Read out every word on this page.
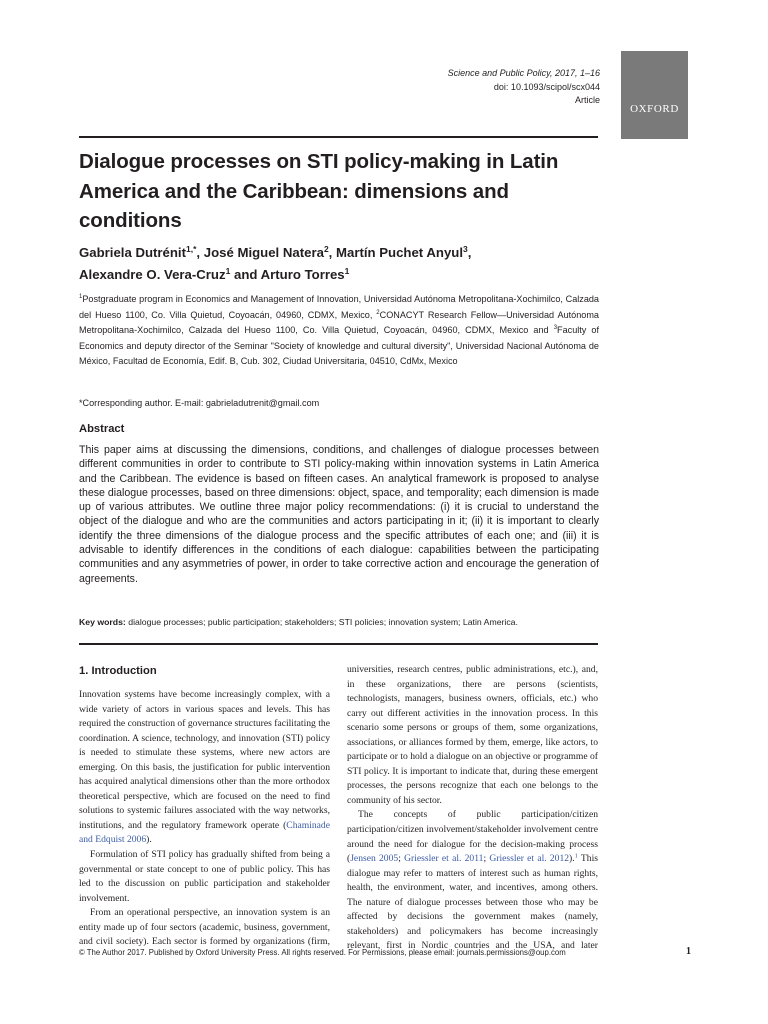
Science and Public Policy, 2017, 1–16
doi: 10.1093/scipol/scx044
Article
OXFORD
Dialogue processes on STI policy-making in Latin America and the Caribbean: dimensions and conditions
Gabriela Dutrénit$^{1,*}$, José Miguel Natera$^2$, Martín Puchet Anyul$^3$,
Alexandre O. Vera-Cruz$^1$ and Arturo Torres$^1$
$^1$Postgraduate program in Economics and Management of Innovation, Universidad Autónoma Metropolitana-Xochimilco, Calzada del Hueso 1100, Co. Villa Quietud, Coyoacán, 04960, CDMX, Mexico, $^2$CONACYT Research Fellow—Universidad Autónoma Metropolitana-Xochimilco, Calzada del Hueso 1100, Co. Villa Quietud, Coyoacán, 04960, CDMX, Mexico and $^3$Faculty of Economics and deputy director of the Seminar "Society of knowledge and cultural diversity", Universidad Nacional Autónoma de México, Facultad de Economía, Edif. B, Cub. 302, Ciudad Universitaria, 04510, CdMx, Mexico
*Corresponding author. E-mail: gabrieladutrenit@gmail.com
Abstract

This paper aims at discussing the dimensions, conditions, and challenges of dialogue processes between different communities in order to contribute to STI policy-making within innovation systems in Latin America and the Caribbean. The evidence is based on fifteen cases. An analytical framework is proposed to analyse these dialogue processes, based on three dimensions: object, space, and temporality; each dimension is made up of various attributes. We outline three major policy recommendations: (i) it is crucial to understand the object of the dialogue and who are the communities and actors participating in it; (ii) it is important to clearly identify the three dimensions of the dialogue process and the specific attributes of each one; and (iii) it is advisable to identify differences in the conditions of each dialogue: capabilities between the participating communities and any asymmetries of power, in order to take corrective action and encourage the generation of agreements.

Key words: dialogue processes; public participation; stakeholders; STI policies; innovation system; Latin America.
1. Introduction

Innovation systems have become increasingly complex, with a wide variety of actors in various spaces and levels. This has required the construction of governance structures facilitating the coordination. A science, technology, and innovation (STI) policy is needed to stimulate these systems, where new actors are emerging. On this basis, the justification for public intervention has acquired analytical dimensions other than the more orthodox theoretical perspective, which are focused on the need to find solutions to systemic failures associated with the way networks, institutions, and the regulatory framework operate (Chaminade and Edquist 2006).

Formulation of STI policy has gradually shifted from being a governmental or state concept to one of public policy. This has led to the discussion on public participation and stakeholder involvement.

From an operational perspective, an innovation system is an entity made up of four sectors (academic, business, government, and civil society). Each sector is formed by organizations (firm,

universities, research centres, public administrations, etc.), and, in these organizations, there are persons (scientists, technologists, managers, business owners, officials, etc.) who carry out different activities in the innovation process. In this scenario some persons or groups of them, some organizations, associations, or alliances formed by them, emerge, like actors, to participate or to hold a dialogue on an objective or programme of STI policy. It is important to indicate that, during these emergent processes, the persons recognize that each one belongs to the community of his sector.

The concepts of public participation/citizen participation/citizen involvement/stakeholder involvement centre around the need for dialogue for the decision-making process (Jensen 2005; Griessler et al. 2011; Griessler et al. 2012).$^1$ This dialogue may refer to matters of interest such as human rights, health, the environment, water, and incentives, among others. The nature of dialogue processes between those who may be affected by decisions the government makes (namely, stakeholders) and policymakers has become increasingly relevant, first in Nordic countries and the USA, and later

© The Author 2017. Published by Oxford University Press. All rights reserved. For Permissions, please email: journals.permissions@oup.com	1
